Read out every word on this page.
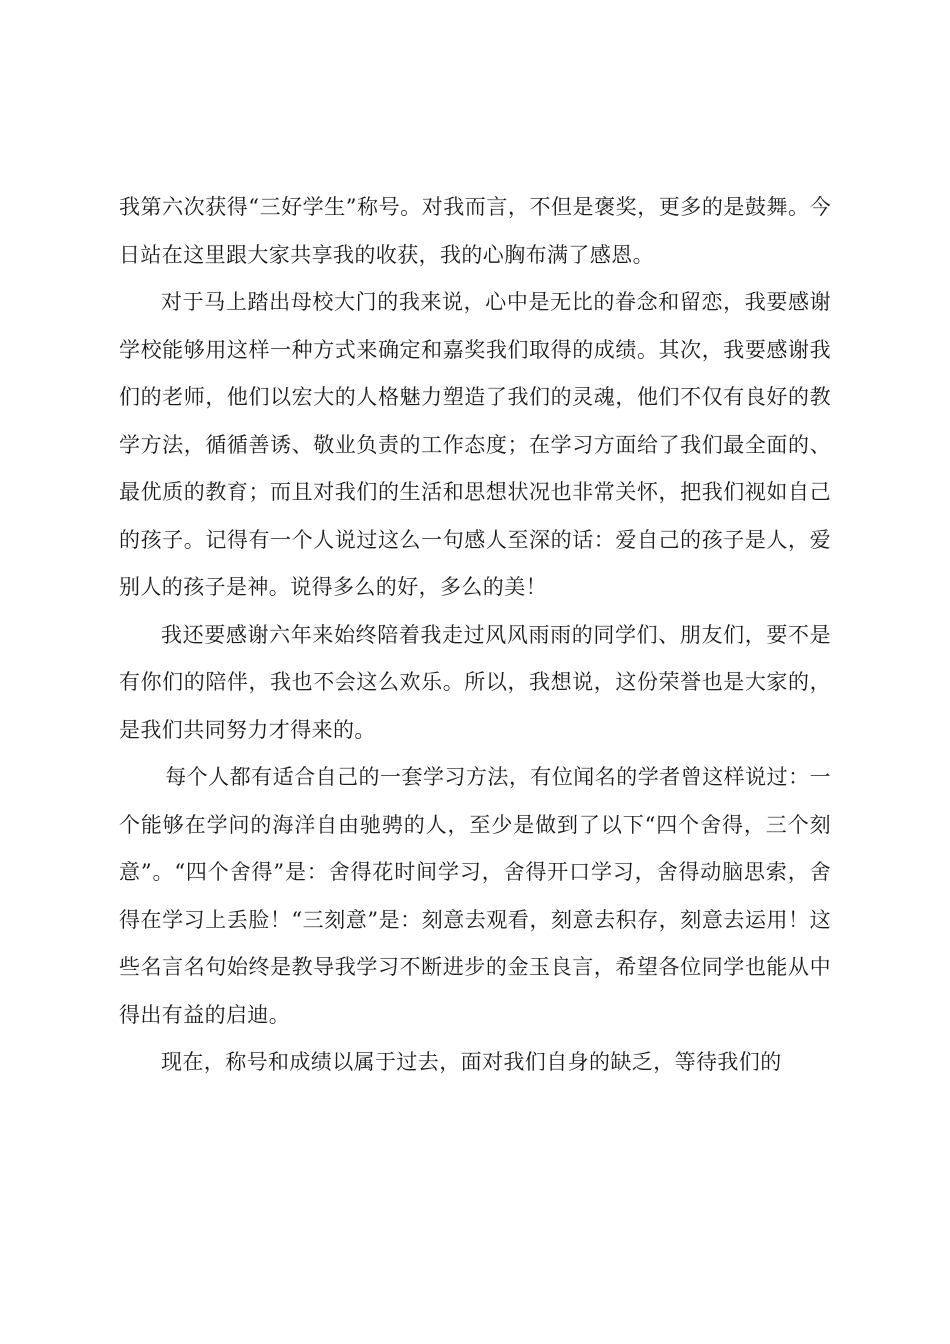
我第六次获得“三好学生”称号。对我而言，不但是褒奖，更多的是鼓舞。今日站在这里跟大家共享我的收获，我的心胸布满了感恩。

对于马上踏出母校大门的我来说，心中是无比的眷念和留恋，我要感谢学校能够用这样一种方式来确定和嘉奖我们取得的成绩。其次，我要感谢我们的老师，他们以宏大的人格魅力塑造了我们的灵魂，他们不仅有良好的教学方法，循循善诱、敬业负责的工作态度；在学习方面给了我们最全面的、最优质的教育；而且对我们的生活和思想状况也非常关怀，把我们视如自己的孩子。记得有一个人说过这么一句感人至深的话：爱自己的孩子是人，爱别人的孩子是神。说得多么的好，多么的美！

我还要感谢六年来始终陪着我走过风风雨雨的同学们、朋友们，要不是有你们的陪伴，我也不会这么欢乐。所以，我想说，这份荣誉也是大家的，是我们共同努力才得来的。

每个人都有适合自己的一套学习方法，有位闻名的学者曾这样说过：一个能够在学问的海洋自由驰骋的人，至少是做到了以下“四个舍得，三个刻意”。“四个舍得”是：舍得花时间学习，舍得开口学习，舍得动脑思索，舍得在学习上丢脸！“三刻意”是：刻意去观看，刻意去积存，刻意去运用！这些名言名句始终是教导我学习不断进步的金玉良言，希望各位同学也能从中得出有益的启迪。

现在，称号和成绩以属于过去，面对我们自身的缺乏，等待我们的
